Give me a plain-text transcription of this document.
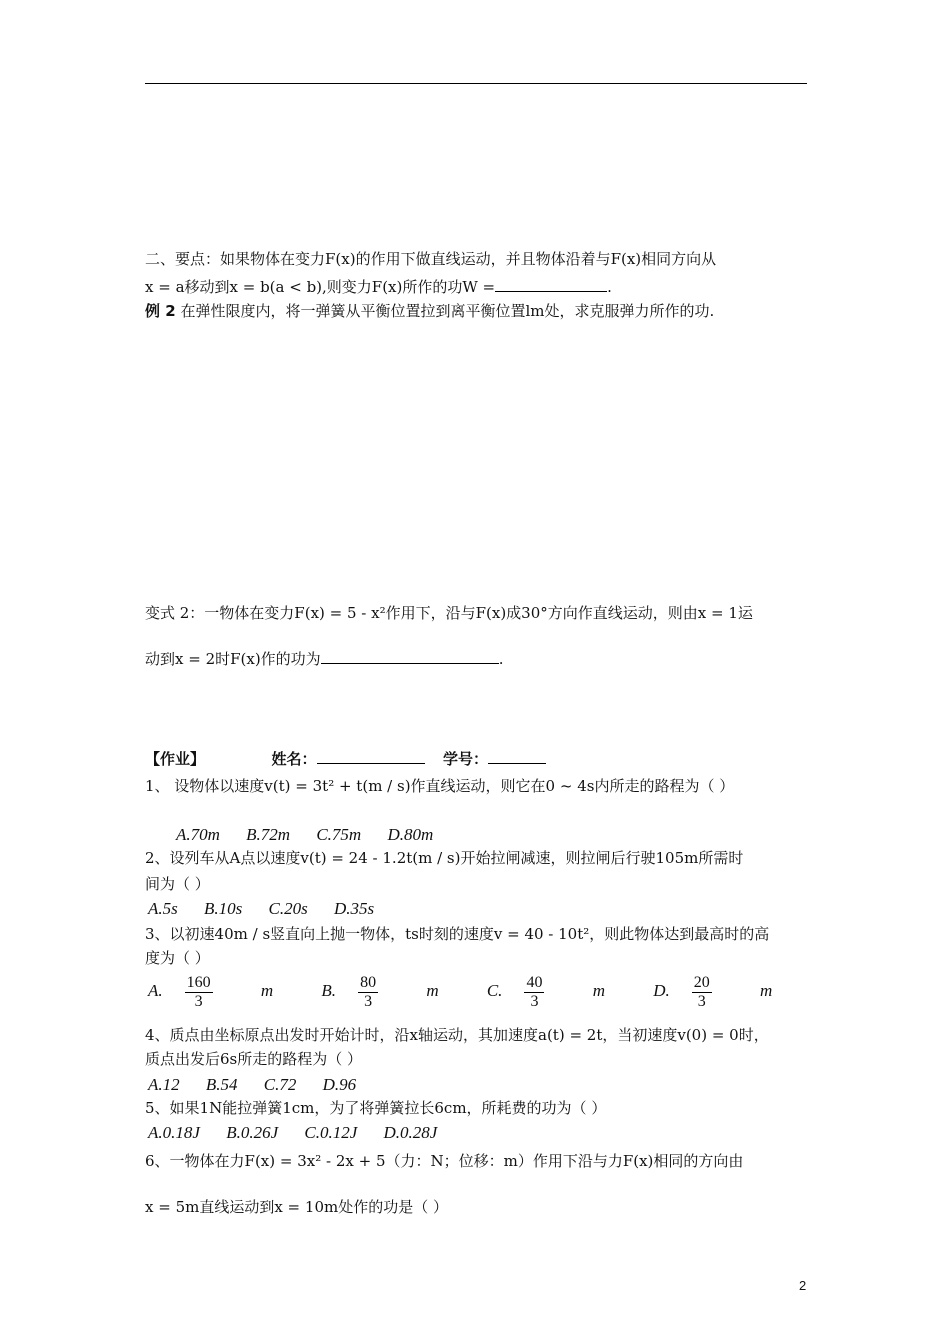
二、要点：如果物体在变力F(x)的作用下做直线运动，并且物体沿着与F(x)相同方向从
x = a移动到x = b(a < b),则变力F(x)所作的功W =	.
例 2 在弹性限度内，将一弹簧从平衡位置拉到离平衡位置lm处，求克服弹力所作的功.
变式 2：一物体在变力F(x) = 5 - x²作用下，沿与F(x)成30°方向作直线运动，则由x = 1运
动到x = 2时F(x)作的功为	.
【作业】	姓名：	学号：
1、 设物体以速度v(t) = 3t² + t(m / s)作直线运动，则它在0 ~ 4s内所走的路程为（ ）
A.70m B.72m C.75m D.80m
2、设列车从A点以速度v(t) = 24 - 1.2t(m / s)开始拉闸减速，则拉闸后行驶105m所需时
间为（ ）
A.5s B.10s C.20s D.35s
3、以初速40m / s竖直向上抛一物体，ts时刻的速度v = 40 - 10t²，则此物体达到最高时的高
度为（ ）
A. $\frac{160}{3}$ m	B. $\frac{80}{3}$ m	C. $\frac{40}{3}$ m	D. $\frac{20}{3}$ m
4、质点由坐标原点出发时开始计时，沿x轴运动，其加速度a(t) = 2t，当初速度v(0) = 0时，
质点出发后6s所走的路程为（ ）
A.12 B.54 C.72 D.96
5、如果1N能拉弹簧1cm，为了将弹簧拉长6cm，所耗费的功为（ ）
A.0.18J B.0.26J C.0.12J D.0.28J
6、一物体在力F(x) = 3x² - 2x + 5（力：N；位移：m）作用下沿与力F(x)相同的方向由
x = 5m直线运动到x = 10m处作的功是（ ）
2
